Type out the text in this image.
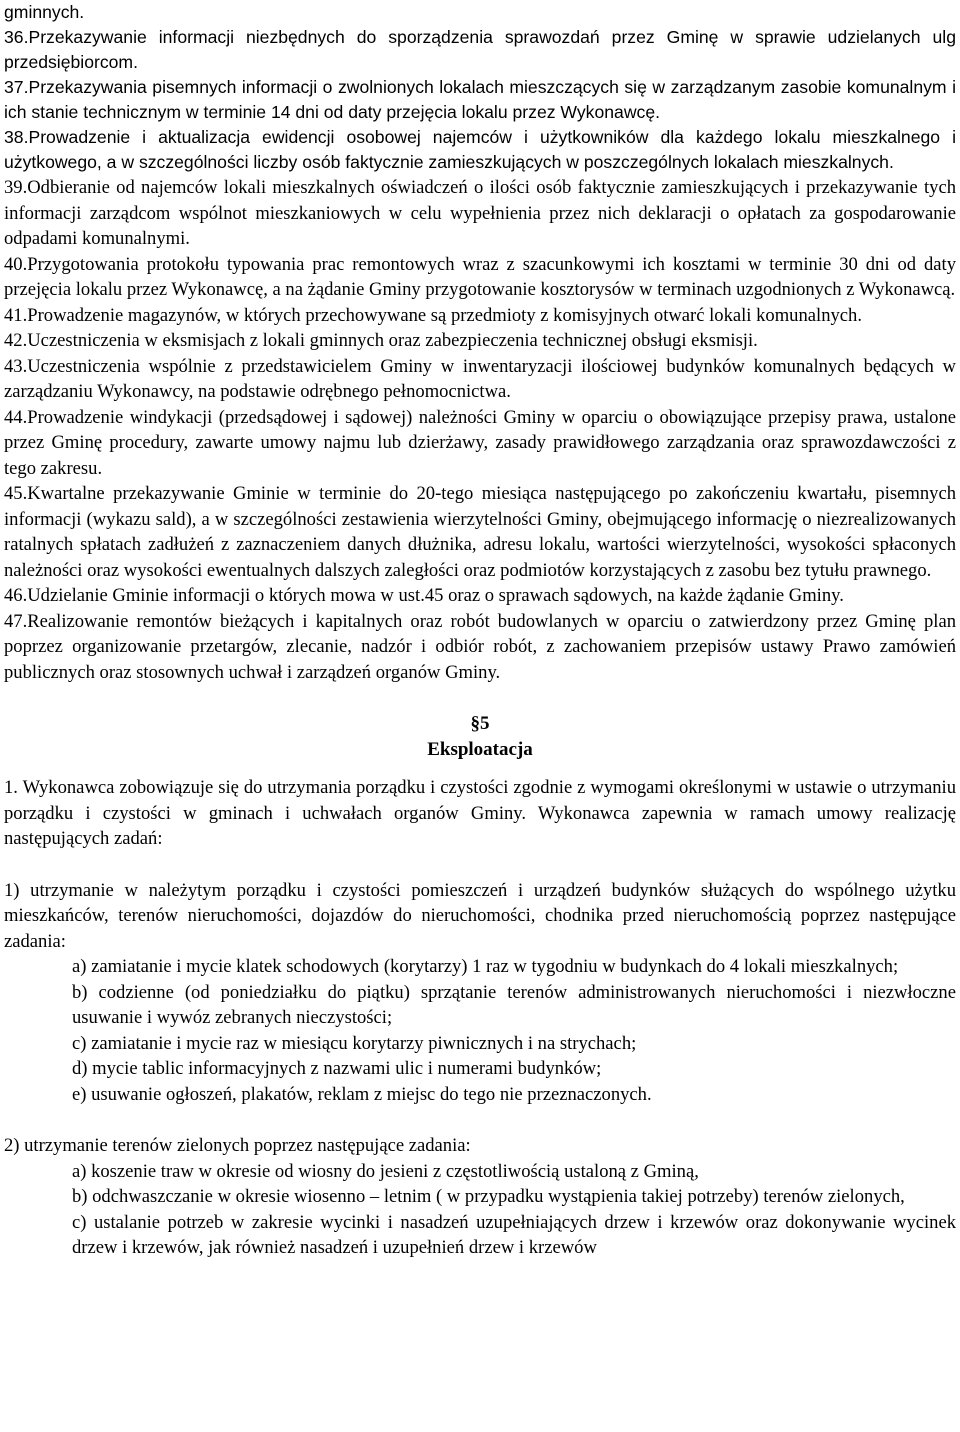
gminnych.

36.Przekazywanie informacji niezbędnych do sporządzenia sprawozdań przez Gminę w sprawie udzielanych ulg przedsiębiorcom.

37.Przekazywania pisemnych informacji o zwolnionych lokalach mieszczących się w zarządzanym zasobie komunalnym i ich stanie technicznym w terminie 14 dni od daty przejęcia lokalu przez Wykonawcę.

38.Prowadzenie i aktualizacja ewidencji osobowej najemców i użytkowników dla każdego lokalu mieszkalnego i użytkowego, a w szczególności liczby osób faktycznie zamieszkujących w poszczególnych lokalach mieszkalnych.

39.Odbieranie od najemców lokali mieszkalnych oświadczeń o ilości osób faktycznie zamieszkujących i przekazywanie tych informacji zarządcom wspólnot mieszkaniowych w celu wypełnienia przez nich deklaracji o opłatach za gospodarowanie odpadami komunalnymi.

40.Przygotowania protokołu typowania prac remontowych wraz z szacunkowymi ich kosztami w terminie 30 dni od daty przejęcia lokalu przez Wykonawcę, a na żądanie Gminy przygotowanie kosztorysów w terminach uzgodnionych z Wykonawcą.

41.Prowadzenie magazynów, w których przechowywane są przedmioty z komisyjnych otwarć lokali komunalnych.

42.Uczestniczenia w eksmisjach z lokali gminnych oraz zabezpieczenia technicznej obsługi eksmisji.

43.Uczestniczenia wspólnie z przedstawicielem Gminy w inwentaryzacji ilościowej budynków komunalnych będących w zarządzaniu Wykonawcy, na podstawie odrębnego pełnomocnictwa.

44.Prowadzenie windykacji (przedsądowej i sądowej) należności Gminy w oparciu o obowiązujące przepisy prawa, ustalone przez Gminę procedury, zawarte umowy najmu lub dzierżawy, zasady prawidłowego zarządzania oraz sprawozdawczości z tego zakresu.

45.Kwartalne przekazywanie Gminie w terminie do 20-tego miesiąca następującego po zakończeniu kwartału, pisemnych informacji (wykazu sald), a w szczególności zestawienia wierzytelności Gminy, obejmującego informację o niezrealizowanych ratalnych spłatach zadłużeń z zaznaczeniem danych dłużnika, adresu lokalu, wartości wierzytelności, wysokości spłaconych należności oraz wysokości ewentualnych dalszych zaległości oraz podmiotów korzystających z zasobu bez tytułu prawnego.

46.Udzielanie Gminie informacji o których mowa w ust.45 oraz o sprawach sądowych, na każde żądanie Gminy.

47.Realizowanie remontów bieżących i kapitalnych oraz robót budowlanych w oparciu o zatwierdzony przez Gminę plan poprzez organizowanie przetargów, zlecanie, nadzór i odbiór robót, z zachowaniem przepisów ustawy Prawo zamówień publicznych oraz stosownych uchwał i zarządzeń organów Gminy.

§5
Eksploatacja

1. Wykonawca zobowiązuje się do utrzymania porządku i czystości zgodnie z wymogami określonymi w ustawie o utrzymaniu porządku i czystości w gminach i uchwałach organów Gminy. Wykonawca zapewnia w ramach umowy realizację następujących zadań:

1) utrzymanie w należytym porządku i czystości pomieszczeń i urządzeń budynków służących do wspólnego użytku mieszkańców, terenów nieruchomości, dojazdów do nieruchomości, chodnika przed nieruchomością poprzez następujące zadania:

a) zamiatanie i mycie klatek schodowych (korytarzy) 1 raz w tygodniu w budynkach do 4 lokali mieszkalnych;

b) codzienne (od poniedziałku do piątku) sprzątanie terenów administrowanych nieruchomości i niezwłoczne usuwanie i wywóz zebranych nieczystości;

c) zamiatanie i mycie raz w miesiącu korytarzy piwnicznych i na strychach;

d) mycie tablic informacyjnych z nazwami ulic i numerami budynków;

e) usuwanie ogłoszeń, plakatów, reklam z miejsc do tego nie przeznaczonych.

2) utrzymanie terenów zielonych poprzez następujące zadania:

a) koszenie traw w okresie od wiosny do jesieni z częstotliwością ustaloną z Gminą,

b) odchwaszczanie w okresie wiosenno – letnim ( w przypadku wystąpienia takiej potrzeby) terenów zielonych,

c) ustalanie potrzeb w zakresie wycinki i nasadzeń uzupełniających drzew i krzewów oraz dokonywanie wycinek drzew i krzewów, jak również nasadzeń i uzupełnień drzew i krzewów
